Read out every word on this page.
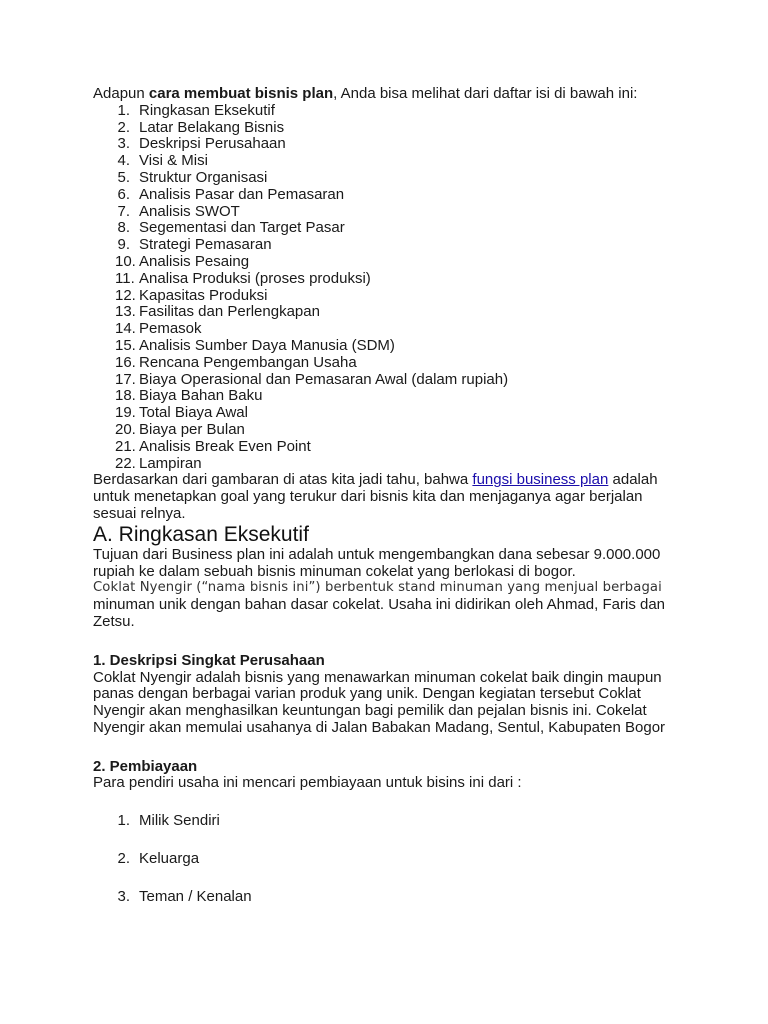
Adapun cara membuat bisnis plan, Anda bisa melihat dari daftar isi di bawah ini:

1. Ringkasan Eksekutif
2. Latar Belakang Bisnis
3. Deskripsi Perusahaan
4. Visi & Misi
5. Struktur Organisasi
6. Analisis Pasar dan Pemasaran
7. Analisis SWOT
8. Segementasi dan Target Pasar
9. Strategi Pemasaran
10. Analisis Pesaing
11. Analisa Produksi (proses produksi)
12. Kapasitas Produksi
13. Fasilitas dan Perlengkapan
14. Pemasok
15. Analisis Sumber Daya Manusia (SDM)
16. Rencana Pengembangan Usaha
17. Biaya Operasional dan Pemasaran Awal (dalam rupiah)
18. Biaya Bahan Baku
19. Total Biaya Awal
20. Biaya per Bulan
21. Analisis Break Even Point
22. Lampiran

Berdasarkan dari gambaran di atas kita jadi tahu, bahwa fungsi business plan adalah untuk menetapkan goal yang terukur dari bisnis kita dan menjaganya agar berjalan sesuai relnya.

A. Ringkasan Eksekutif

Tujuan dari Business plan ini adalah untuk mengembangkan dana sebesar 9.000.000 rupiah ke dalam sebuah bisnis minuman cokelat yang berlokasi di bogor.

Coklat Nyengir (“nama bisnis ini”) berbentuk stand minuman yang menjual berbagai

minuman unik dengan bahan dasar cokelat. Usaha ini didirikan oleh Ahmad, Faris dan Zetsu.

1. Deskripsi Singkat Perusahaan

Coklat Nyengir adalah bisnis yang menawarkan minuman cokelat baik dingin maupun panas dengan berbagai varian produk yang unik. Dengan kegiatan tersebut Coklat Nyengir akan menghasilkan keuntungan bagi pemilik dan pejalan bisnis ini. Cokelat Nyengir akan memulai usahanya di Jalan Babakan Madang, Sentul, Kabupaten Bogor

2. Pembiayaan

Para pendiri usaha ini mencari pembiayaan untuk bisins ini dari :

1. Milik Sendiri
2. Keluarga
3. Teman / Kenalan
